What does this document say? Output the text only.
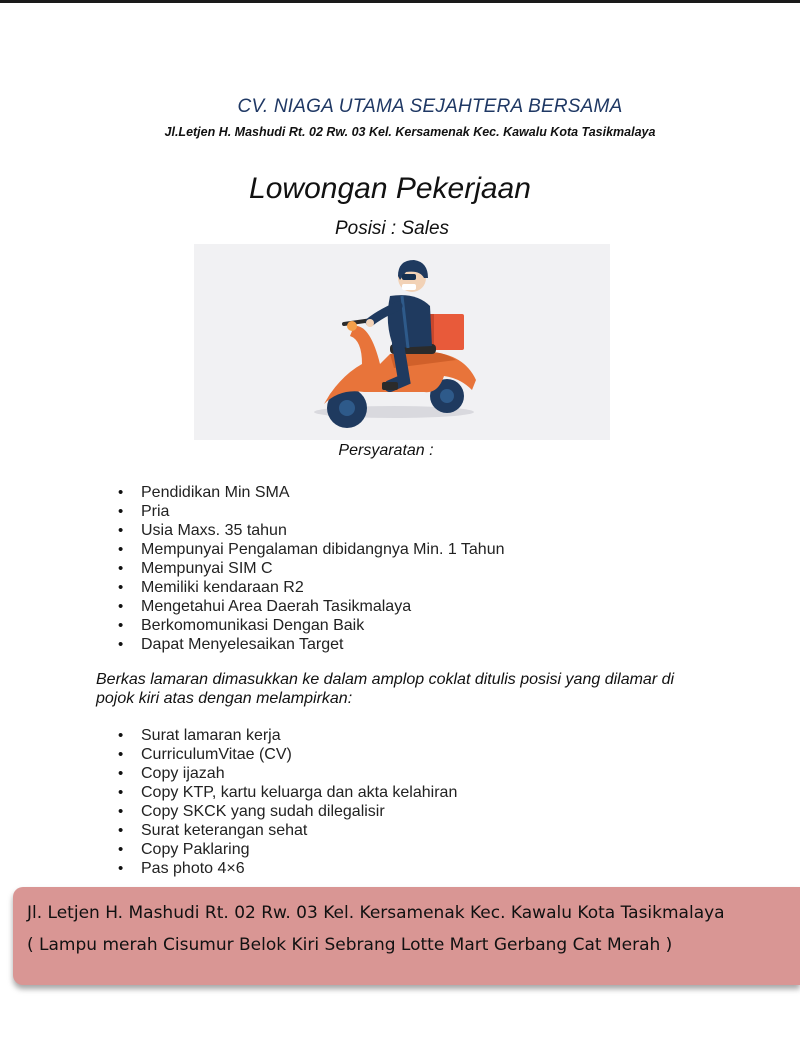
CV. NIAGA UTAMA SEJAHTERA BERSAMA
Jl.Letjen H. Mashudi Rt. 02 Rw. 03 Kel. Kersamenak Kec. Kawalu Kota Tasikmalaya
Lowongan Pekerjaan
Posisi : Sales
Persyaratan :
• Pendidikan Min SMA
• Pria
• Usia Maxs. 35 tahun
• Mempunyai Pengalaman dibidangnya Min. 1 Tahun
• Mempunyai SIM C
• Memiliki kendaraan R2
• Mengetahui Area Daerah Tasikmalaya
• Berkomomunikasi Dengan Baik
• Dapat Menyelesaikan Target
Berkas lamaran dimasukkan ke dalam amplop coklat ditulis posisi yang dilamar di pojok kiri atas dengan melampirkan:
• Surat lamaran kerja
• CurriculumVitae (CV)
• Copy ijazah
• Copy KTP, kartu keluarga dan akta kelahiran
• Copy SKCK yang sudah dilegalisir
• Surat keterangan sehat
• Copy Paklaring
• Pas photo 4×6
Jl. Letjen H. Mashudi Rt. 02 Rw. 03 Kel. Kersamenak Kec. Kawalu Kota Tasikmalaya
( Lampu merah Cisumur Belok Kiri Sebrang Lotte Mart Gerbang Cat Merah )
